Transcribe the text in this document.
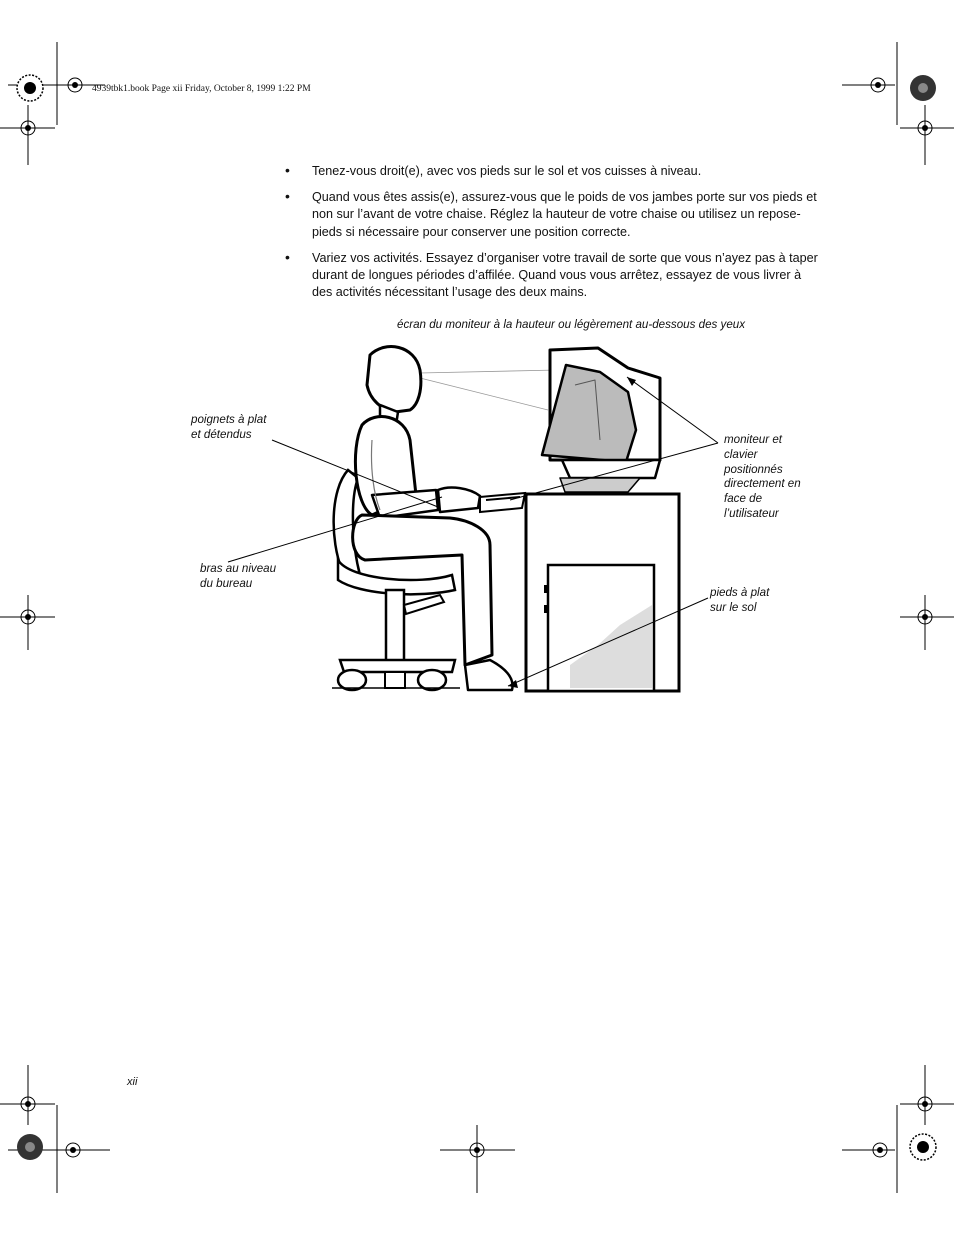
4939tbk1.book Page xii Friday, October 8, 1999 1:22 PM
• Tenez-vous droit(e), avec vos pieds sur le sol et vos cuisses à niveau.
• Quand vous êtes assis(e), assurez-vous que le poids de vos jambes porte sur vos pieds et non sur l’avant de votre chaise. Réglez la hauteur de votre chaise ou utilisez un repose-pieds si nécessaire pour conserver une position correcte.
• Variez vos activités. Essayez d’organiser votre travail de sorte que vous n’ayez pas à taper durant de longues périodes d’affilée. Quand vous vous arrêtez, essayez de vous livrer à des activités nécessitant l’usage des deux mains.
écran du moniteur à la hauteur ou légèrement au-dessous des yeux
poignets à plat
et détendus	moniteur et
clavier
positionnés
directement en
face de
l’utilisateur
bras au niveau
du bureau
pieds à plat
sur le sol
xii
